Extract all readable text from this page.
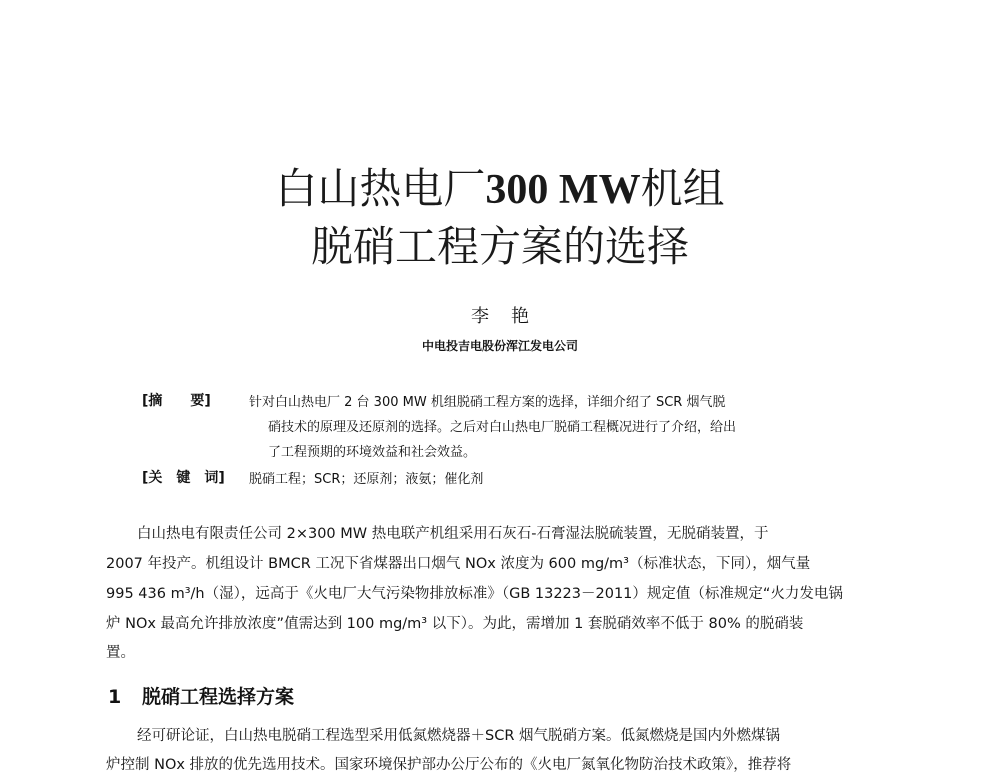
白山热电厂300 MW机组
脱硝工程方案的选择
李艳
中电投吉电股份浑江发电公司
[摘　　要]	针对白山热电厂 2 台 300 MW 机组脱硝工程方案的选择，详细介绍了 SCR 烟气脱
硝技术的原理及还原剂的选择。之后对白山热电厂脱硝工程概况进行了介绍，给出
了工程预期的环境效益和社会效益。
[关　键　词] 脱硝工程；SCR；还原剂；液氨；催化剂
白山热电有限责任公司 2×300 MW 热电联产机组采用石灰石-石膏湿法脱硫装置，无脱硝装置，于
2007 年投产。机组设计 BMCR 工况下省煤器出口烟气 NOx 浓度为 600 mg/m³（标准状态，下同），烟气量
995 436 m³/h（湿），远高于《火电厂大气污染物排放标准》（GB 13223－2011）规定值（标准规定“火力发电锅
炉 NOx 最高允许排放浓度”值需达到 100 mg/m³ 以下）。为此，需增加 1 套脱硝效率不低于 80% 的脱硝装
置。
1 脱硝工程选择方案
经可研论证，白山热电脱硝工程选型采用低氮燃烧器＋SCR 烟气脱硝方案。低氮燃烧是国内外燃煤锅
炉控制 NOx 排放的优先选用技术。国家环境保护部办公厅公布的《火电厂氮氧化物防治技术政策》，推荐将
